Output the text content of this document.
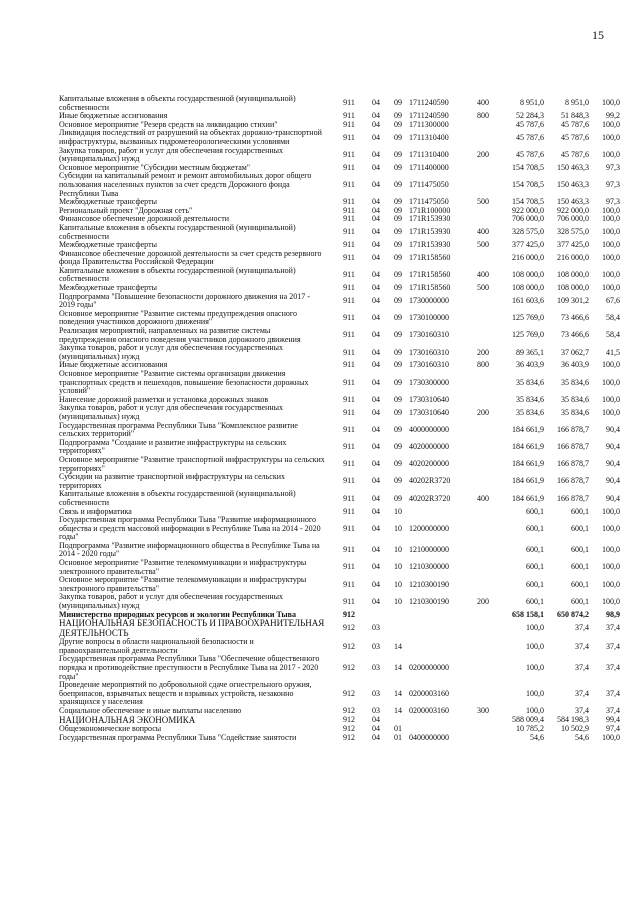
15
Капитальные вложения в объекты государственной (муниципальной) собственности	911	04	09	1711240590	400	8 951,0	8 951,0	100,0
Иные бюджетные ассигнования	911	04	09	1711240590	800	52 284,3	51 848,3	99,2
Основное мероприятие "Резерв средств на ликвидацию стихии"	911	04	09	1711300000		45 787,6	45 787,6	100,0
Ликвидация последствий от разрушений на объектах дорожно-транспортной инфраструктуры, вызванных гидрометеорологическими условиями	911	04	09	1711310400		45 787,6	45 787,6	100,0
Закупка товаров, работ и услуг для обеспечения государственных (муниципальных) нужд	911	04	09	1711310400	200	45 787,6	45 787,6	100,0
Основное мероприятие "Субсидии местным бюджетам"	911	04	09	1711400000		154 708,5	150 463,3	97,3
Субсидии на капитальный ремонт и ремонт автомобильных дорог общего пользования населенных пунктов за счет средств Дорожного фонда Республики Тыва	911	04	09	1711475050		154 708,5	150 463,3	97,3
Межбюджетные трансферты	911	04	09	1711475050	500	154 708,5	150 463,3	97,3
Региональный проект "Дорожная сеть"	911	04	09	171R100000		922 000,0	922 000,0	100,0
Финансовое обеспечение дорожной деятельности	911	04	09	171R153930		706 000,0	706 000,0	100,0
Капитальные вложения в объекты государственной (муниципальной) собственности	911	04	09	171R153930	400	328 575,0	328 575,0	100,0
Межбюджетные трансферты	911	04	09	171R153930	500	377 425,0	377 425,0	100,0
Финансовое обеспечение дорожной деятельности за счет средств резервного фонда Правительства Российской Федерации	911	04	09	171R158560		216 000,0	216 000,0	100,0
Капитальные вложения в объекты государственной (муниципальной) собственности	911	04	09	171R158560	400	108 000,0	108 000,0	100,0
Межбюджетные трансферты	911	04	09	171R158560	500	108 000,0	108 000,0	100,0
Подпрограмма "Повышение безопасности дорожного движения на 2017 - 2019 годы"	911	04	09	1730000000		161 603,6	109 301,2	67,6
Основное мероприятие "Развитие системы предупреждения опасного поведения участников дорожного движения"	911	04	09	1730100000		125 769,0	73 466,6	58,4
Реализация мероприятий, направленных на развитие системы предупреждения опасного поведения участников дорожного движения	911	04	09	1730160310		125 769,0	73 466,6	58,4
Закупка товаров, работ и услуг для обеспечения государственных (муниципальных) нужд	911	04	09	1730160310	200	89 365,1	37 062,7	41,5
Иные бюджетные ассигнования	911	04	09	1730160310	800	36 403,9	36 403,9	100,0
Основное мероприятие "Развитие системы организации движения транспортных средств и пешеходов, повышение безопасности дорожных условий"	911	04	09	1730300000		35 834,6	35 834,6	100,0
Нанесение дорожной разметки и установка дорожных знаков	911	04	09	1730310640		35 834,6	35 834,6	100,0
Закупка товаров, работ и услуг для обеспечения государственных (муниципальных) нужд	911	04	09	1730310640	200	35 834,6	35 834,6	100,0
Государственная программа Республики Тыва "Комплексное развитие сельских территорий"	911	04	09	4000000000		184 661,9	166 878,7	90,4
Подпрограмма "Создание и развитие инфраструктуры на сельских территориях"	911	04	09	4020000000		184 661,9	166 878,7	90,4
Основное мероприятие "Развитие транспортной инфраструктуры на сельских территориях"	911	04	09	4020200000		184 661,9	166 878,7	90,4
Субсидии на развитие транспортной инфраструктуры на сельских территориях	911	04	09	40202R3720		184 661,9	166 878,7	90,4
Капитальные вложения в объекты государственной (муниципальной) собственности	911	04	09	40202R3720	400	184 661,9	166 878,7	90,4
Связь и информатика	911	04	10			600,1	600,1	100,0
Государственная программа Республики Тыва "Развитие информационного общества и средств массовой информации в Республике Тыва на 2014 - 2020 годы"	911	04	10	1200000000		600,1	600,1	100,0
Подпрограмма "Развитие информационного общества в Республике Тыва на 2014 - 2020 годы"	911	04	10	1210000000		600,1	600,1	100,0
Основное мероприятие "Развитие телекоммуникации и инфраструктуры электронного правительства"	911	04	10	1210300000		600,1	600,1	100,0
Основное мероприятие "Развитие телекоммуникации и инфраструктуры электронного правительства"	911	04	10	1210300190		600,1	600,1	100,0
Закупка товаров, работ и услуг для обеспечения государственных (муниципальных) нужд	911	04	10	1210300190	200	600,1	600,1	100,0
Министерство природных ресурсов и экологии Республики Тыва	912					658 158,1	650 874,2	98,9
НАЦИОНАЛЬНАЯ БЕЗОПАСНОСТЬ И ПРАВООХРАНИТЕЛЬНАЯ ДЕЯТЕЛЬНОСТЬ	912	03				100,0	37,4	37,4
Другие вопросы в области национальной безопасности и правоохранительной деятельности	912	03	14			100,0	37,4	37,4
Государственная программа Республики Тыва "Обеспечение общественного порядка и противодействие преступности в Республике Тыва на 2017 - 2020 годы"	912	03	14	0200000000		100,0	37,4	37,4
Проведение мероприятий по добровольной сдаче огнестрельного оружия, боеприпасов, взрывчатых веществ и взрывных устройств, незаконно хранящихся у населения	912	03	14	0200003160		100,0	37,4	37,4
Социальное обеспечение и иные выплаты населению	912	03	14	0200003160	300	100,0	37,4	37,4
НАЦИОНАЛЬНАЯ ЭКОНОМИКА	912	04				588 009,4	584 198,3	99,4
Общеэкономические вопросы	912	04	01			10 785,2	10 502,9	97,4
Государственная программа Республики Тыва "Содействие занятости	912	04	01	0400000000		54,6	54,6	100,0
